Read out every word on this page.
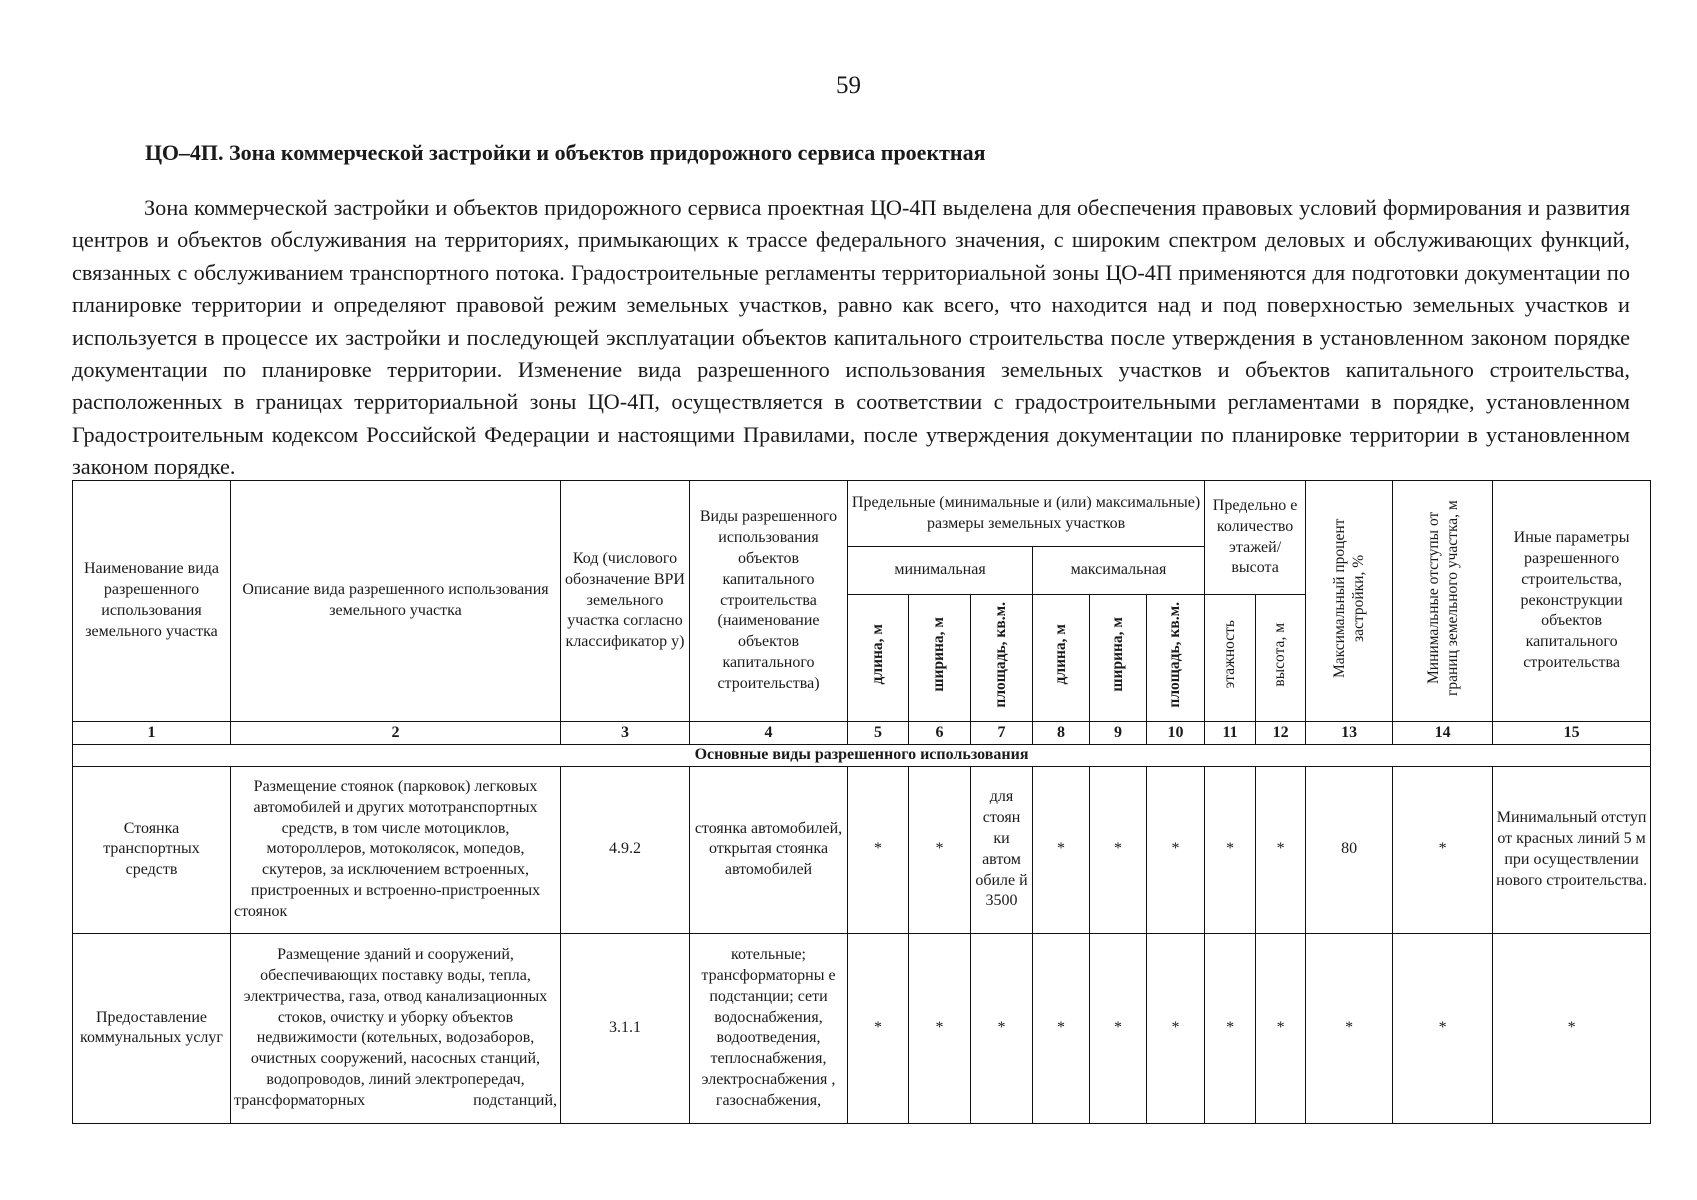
59
ЦО–4П. Зона коммерческой застройки и объектов придорожного сервиса проектная

Зона коммерческой застройки и объектов придорожного сервиса проектная ЦО-4П выделена для обеспечения правовых условий формирования и развития центров и объектов обслуживания на территориях, примыкающих к трассе федерального значения, с широким спектром деловых и обслуживающих функций, связанных с обслуживанием транспортного потока. Градостроительные регламенты территориальной зоны ЦО-4П применяются для подготовки документации по планировке территории и определяют правовой режим земельных участков, равно как всего, что находится над и под поверхностью земельных участков и используется в процессе их застройки и последующей эксплуатации объектов капитального строительства после утверждения в установленном законом порядке документации по планировке территории. Изменение вида разрешенного использования земельных участков и объектов капитального строительства, расположенных в границах территориальной зоны ЦО-4П, осуществляется в соответствии с градостроительными регламентами в порядке, установленном Градостроительным кодексом Российской Федерации и настоящими Правилами, после утверждения документации по планировке территории в установленном законом порядке.

Наименование вида разрешенного использования земельного участка	Описание вида разрешенного использования земельного участка	Код (числового обозначение ВРИ земельного участка согласно классификатор у)	Виды разрешенного использования объектов капитального строительства (наименование объектов капитального строительства)	Предельные (минимальные и (или) максимальные) размеры земельных участков						Предельно е количество этажей/ высота		Максимальный процент застройки, %	Минимальные отступы от границ земельного участка, м	Иные параметры разрешенного строительства, реконструкции объектов капитального строительства
				минимальная			максимальная							
				длина, м	ширина, м	площадь, кв.м.	длина, м	ширина, м	площадь, кв.м.	этажность	высота, м			
1	2	3	4	5	6	7	8	9	10	11	12	13	14	15
Основные виды разрешенного использования														
Стоянка транспортных средств	Размещение стоянок (парковок) легковых автомобилей и других мототранспортных средств, в том числе мотоциклов, мотороллеров, мотоколясок, мопедов, скутеров, за исключением встроенных, пристроенных и встроенно-пристроенных стоянок	4.9.2	стоянка автомобилей, открытая стоянка автомобилей	*	*	для стоян ки автом обиле й 3500	*	*	*	*	*	80	*	Минимальный отступ от красных линий 5 м при осуществлении нового строительства.
Предоставление коммунальных услуг	Размещение зданий и сооружений, обеспечивающих поставку воды, тепла, электричества, газа, отвод канализационных стоков, очистку и уборку объектов недвижимости (котельных, водозаборов, очистных сооружений, насосных станций, водопроводов, линий электропередач, трансформаторных подстанций,	3.1.1	котельные; трансформаторны е подстанции; сети водоснабжения, водоотведения, теплоснабжения, электроснабжения , газоснабжения,	*	*	*	*	*	*	*	*	*	*	*
